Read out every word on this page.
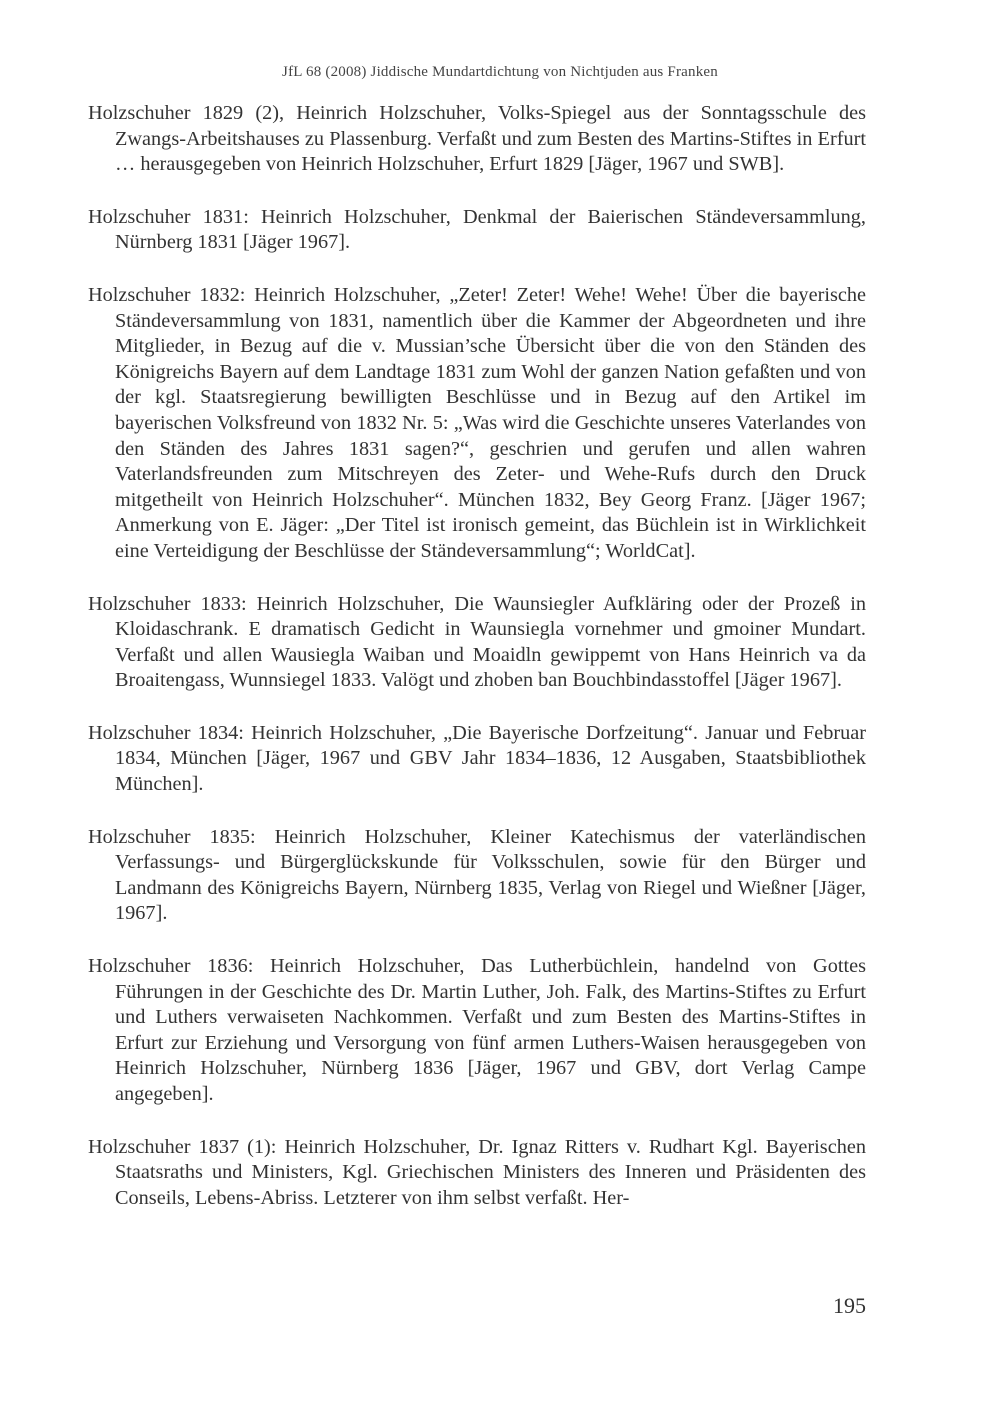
JfL 68 (2008) Jiddische Mundartdichtung von Nichtjuden aus Franken

Holzschuher 1829 (2), Heinrich Holzschuher, Volks-Spiegel aus der Sonntagsschule des Zwangs-Arbeitshauses zu Plassenburg. Verfaßt und zum Besten des Martins-Stiftes in Erfurt … herausgegeben von Heinrich Holzschuher, Erfurt 1829 [Jäger, 1967 und SWB].

Holzschuher 1831: Heinrich Holzschuher, Denkmal der Baierischen Ständeversammlung, Nürnberg 1831 [Jäger 1967].

Holzschuher 1832: Heinrich Holzschuher, „Zeter! Zeter! Wehe! Wehe! Über die bayerische Ständeversammlung von 1831, namentlich über die Kammer der Abgeordneten und ihre Mitglieder, in Bezug auf die v. Mussian’sche Übersicht über die von den Ständen des Königreichs Bayern auf dem Landtage 1831 zum Wohl der ganzen Nation gefaßten und von der kgl. Staatsregierung bewilligten Beschlüsse und in Bezug auf den Artikel im bayerischen Volksfreund von 1832 Nr. 5: „Was wird die Geschichte unseres Vaterlandes von den Ständen des Jahres 1831 sagen?“, geschrien und gerufen und allen wahren Vaterlandsfreunden zum Mitschreyen des Zeter- und Wehe-Rufs durch den Druck mitgetheilt von Heinrich Holzschuher“. München 1832, Bey Georg Franz. [Jäger 1967; Anmerkung von E. Jäger: „Der Titel ist ironisch gemeint, das Büchlein ist in Wirklichkeit eine Verteidigung der Beschlüsse der Ständeversammlung“; WorldCat].

Holzschuher 1833: Heinrich Holzschuher, Die Waunsiegler Aufkläring oder der Prozeß in Kloidaschrank. E dramatisch Gedicht in Waunsiegla vornehmer und gmoiner Mundart. Verfaßt und allen Wausiegla Waiban und Moaidln gewippemt von Hans Heinrich va da Broaitengass, Wunnsiegel 1833. Valögt und zhoben ban Bouchbindasstoffel [Jäger 1967].

Holzschuher 1834: Heinrich Holzschuher, „Die Bayerische Dorfzeitung“. Januar und Februar 1834, München [Jäger, 1967 und GBV Jahr 1834–1836, 12 Ausgaben, Staatsbibliothek München].

Holzschuher 1835: Heinrich Holzschuher, Kleiner Katechismus der vaterländischen Verfassungs- und Bürgerglückskunde für Volksschulen, sowie für den Bürger und Landmann des Königreichs Bayern, Nürnberg 1835, Verlag von Riegel und Wießner [Jäger, 1967].

Holzschuher 1836: Heinrich Holzschuher, Das Lutherbüchlein, handelnd von Gottes Führungen in der Geschichte des Dr. Martin Luther, Joh. Falk, des Martins-Stiftes zu Erfurt und Luthers verwaiseten Nachkommen. Verfaßt und zum Besten des Martins-Stiftes in Erfurt zur Erziehung und Versorgung von fünf armen Luthers-Waisen herausgegeben von Heinrich Holzschuher, Nürnberg 1836 [Jäger, 1967 und GBV, dort Verlag Campe angegeben].

Holzschuher 1837 (1): Heinrich Holzschuher, Dr. Ignaz Ritters v. Rudhart Kgl. Bayerischen Staatsraths und Ministers, Kgl. Griechischen Ministers des Inneren und Präsidenten des Conseils, Lebens-Abriss. Letzterer von ihm selbst verfaßt. Her-

195
